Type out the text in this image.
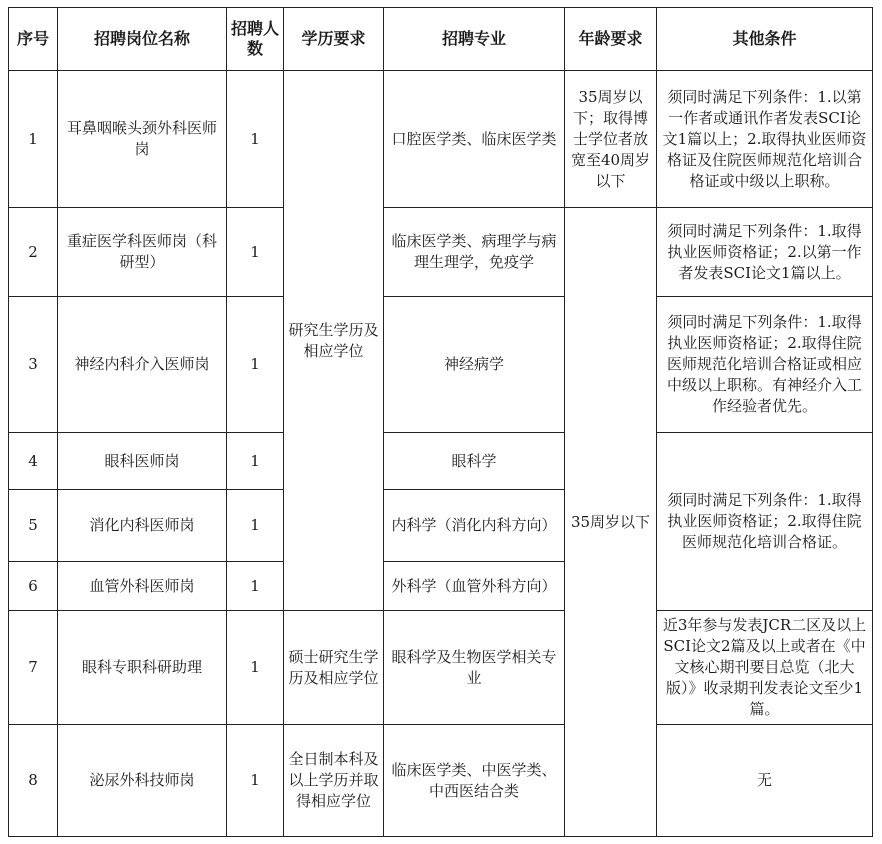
序号	招聘岗位名称	招聘人数	学历要求	招聘专业	年龄要求	其他条件
1	耳鼻咽喉头颈外科医师岗	1	研究生学历及相应学位	口腔医学类、临床医学类	35周岁以下；取得博士学位者放宽至40周岁以下	须同时满足下列条件：1.以第一作者或通讯作者发表SCI论文1篇以上；2.取得执业医师资格证及住院医师规范化培训合格证或中级以上职称。
2	重症医学科医师岗（科研型）	1		临床医学类、病理学与病理生理学，免疫学	35周岁以下	须同时满足下列条件：1.取得执业医师资格证；2.以第一作者发表SCI论文1篇以上。
3	神经内科介入医师岗	1		神经病学		须同时满足下列条件：1.取得执业医师资格证；2.取得住院医师规范化培训合格证或相应中级以上职称。有神经介入工作经验者优先。
4	眼科医师岗	1		眼科学		须同时满足下列条件：1.取得执业医师资格证；2.取得住院医师规范化培训合格证。
5	消化内科医师岗	1		内科学（消化内科方向）		
6	血管外科医师岗	1		外科学（血管外科方向）		
7	眼科专职科研助理	1	硕士研究生学历及相应学位	眼科学及生物医学相关专业		近3年参与发表JCR二区及以上SCI论文2篇及以上或者在《中文核心期刊要目总览（北大版）》收录期刊发表论文至少1篇。
8	泌尿外科技师岗	1	全日制本科及以上学历并取得相应学位	临床医学类、中医学类、中西医结合类		无
